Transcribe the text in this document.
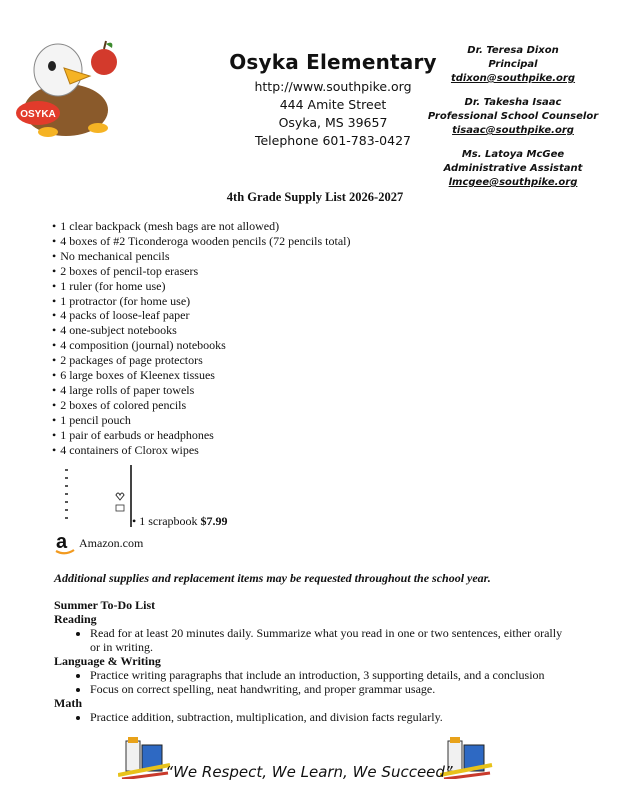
OSYKA
Osyka Elementary
http://www.southpike.org
444 Amite Street
Osyka, MS 39657
Telephone 601-783-0427
Dr. Teresa Dixon
Principal
tdixon@southpike.org
Dr. Takesha Isaac
Professional School Counselor
tisaac@southpike.org
Ms. Latoya McGee
Administrative Assistant
lmcgee@southpike.org
4th Grade Supply List 2026-2027
• 1 clear backpack (mesh bags are not allowed)
• 4 boxes of #2 Ticonderoga wooden pencils (72 pencils total)
• No mechanical pencils
• 2 boxes of pencil-top erasers
• 1 ruler (for home use)
• 1 protractor (for home use)
• 4 packs of loose-leaf paper
• 4 one-subject notebooks
• 4 composition (journal) notebooks
• 2 packages of page protectors
• 6 large boxes of Kleenex tissues
• 4 large rolls of paper towels
• 2 boxes of colored pencils
• 1 pencil pouch
• 1 pair of earbuds or headphones
• 4 containers of Clorox wipes
• 1 scrapbook $7.99
a Amazon.com
Additional supplies and replacement items may be requested throughout the school year.
Summer To-Do List
Reading
• Read for at least 20 minutes daily. Summarize what you read in one or two sentences, either orally or in writing.
Language & Writing
• Practice writing paragraphs that include an introduction, 3 supporting details, and a conclusion
• Focus on correct spelling, neat handwriting, and proper grammar usage.
Math
• Practice addition, subtraction, multiplication, and division facts regularly.
“We Respect, We Learn, We Succeed”
